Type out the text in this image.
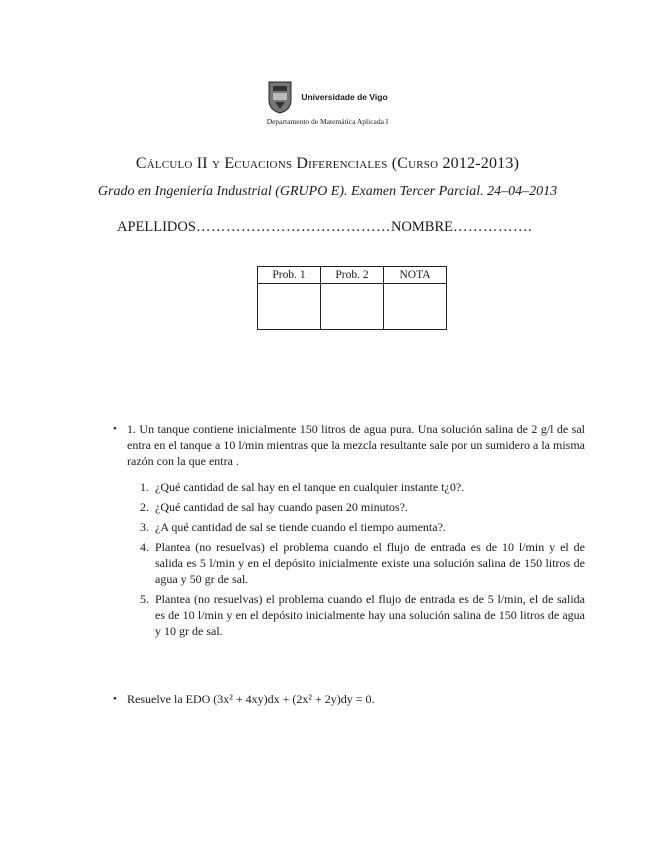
Universidade de Vigo
Departamento de Matemática Aplicada I
Cálculo II y Ecuacions Diferenciales (Curso 2012-2013)
Grado en Ingeniería Industrial (GRUPO E). Examen Tercer Parcial. 24–04–2013
APELLIDOS…………………………………NOMBRE…………….
Prob. 1	Prob. 2	NOTA

• 1. Un tanque contiene inicialmente 150 litros de agua pura. Una solución salina de 2 g/l de sal entra en el tanque a 10 l/min mientras que la mezcla resultante sale por un sumidero a la misma razón con la que entra .
1. ¿Qué cantidad de sal hay en el tanque en cualquier instante t¿0?.
2. ¿Qué cantidad de sal hay cuando pasen 20 minutos?.
3. ¿A qué cantidad de sal se tiende cuando el tiempo aumenta?.
4. Plantea (no resuelvas) el problema cuando el flujo de entrada es de 10 l/min y el de salida es 5 l/min y en el depósito inicialmente existe una solución salina de 150 litros de agua y 50 gr de sal.
5. Plantea (no resuelvas) el problema cuando el flujo de entrada es de 5 l/min, el de salida es de 10 l/min y en el depósito inicialmente hay una solución salina de 150 litros de agua y 10 gr de sal.
• Resuelve la EDO (3x² + 4xy)dx + (2x² + 2y)dy = 0.
